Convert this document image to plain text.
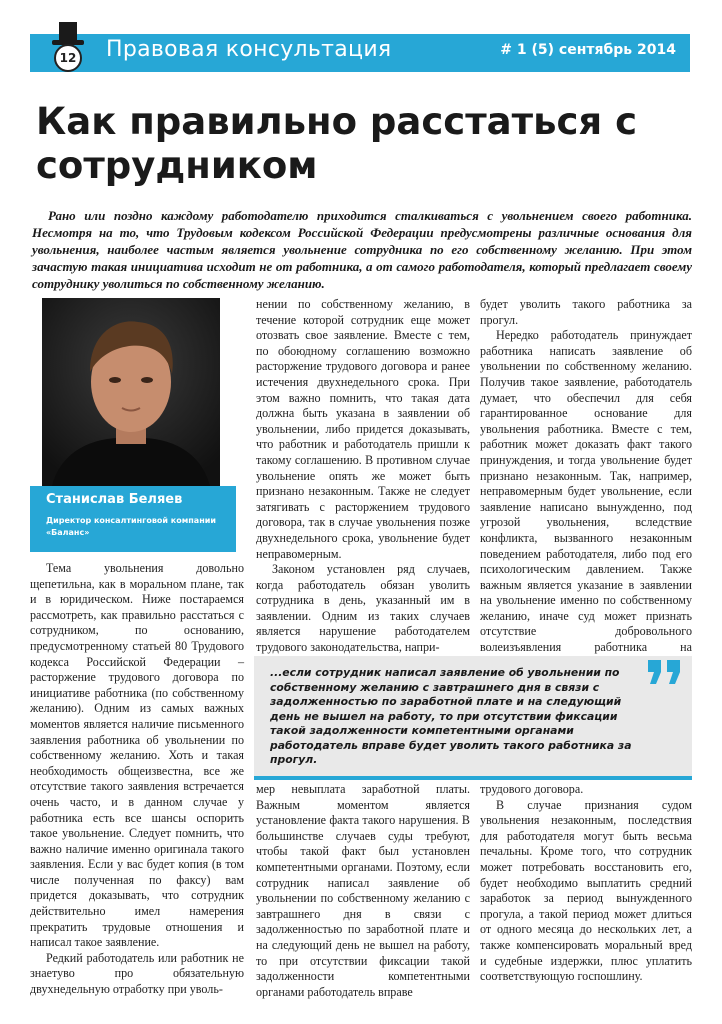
Правовая консультация	# 1 (5) сентябрь 2014
12
Как правильно расстаться с сотрудником

Рано или поздно каждому работодателю приходится сталкиваться с увольнением своего работника. Несмотря на то, что Трудовым кодексом Российской Федерации предусмотрены различные основания для увольнения, наиболее частым является увольнение сотрудника по его собственному желанию. При этом зачастую такая инициатива исходит не от работника, а от самого работодателя, который предлагает своему сотруднику уволиться по собственному желанию.

Станислав Беляев
Директор консалтинговой компании «Баланс»

Тема увольнения довольно щепетильна, как в моральном плане, так и в юридическом. Ниже постараемся рассмотреть, как правильно расстаться с сотрудником, по основанию, предусмотренному статьей 80 Трудового кодекса Российской Федерации – расторжение трудового договора по инициативе работника (по собственному желанию). Одним из самых важных моментов является наличие письменного заявления работника об увольнении по собственному желанию. Хоть и такая необходимость общеизвестна, все же отсутствие такого заявления встречается очень часто, и в данном случае у работника есть все шансы оспорить такое увольнение. Следует помнить, что важно наличие именно оригинала такого заявления. Если у вас будет копия (в том числе полученная по факсу) вам придется доказывать, что сотрудник действительно имел намерения прекратить трудовые отношения и написал такое заявление.

Редкий работодатель или работник не знаетуво про обязательную двухнедельную отработку при уволь-

нении по собственному желанию, в течение которой сотрудник еще может отозвать свое заявление. Вместе с тем, по обоюдному соглашению возможно расторжение трудового договора и ранее истечения двухнедельного срока. При этом важно помнить, что такая дата должна быть указана в заявлении об увольнении, либо придется доказывать, что работник и работодатель пришли к такому соглашению. В противном случае увольнение опять же может быть признано незаконным. Также не следует затягивать с расторжением трудового договора, так в случае увольнения позже двухнедельного срока, увольнение будет неправомерным.

Законом установлен ряд случаев, когда работодатель обязан уволить сотрудника в день, указанный им в заявлении. Одним из таких случаев является нарушение работодателем трудового законодательства, напри-

будет уволить такого работника за прогул.

Нередко работодатель принуждает работника написать заявление об увольнении по собственному желанию. Получив такое заявление, работодатель думает, что обеспечил для себя гарантированное основание для увольнения работника. Вместе с тем, работник может доказать факт такого принуждения, и тогда увольнение будет признано незаконным. Так, например, неправомерным будет увольнение, если заявление написано вынужденно, под угрозой увольнения, вследствие конфликта, вызванного незаконным поведением работодателя, либо под его психологическим давлением. Также важным является указание в заявлении на увольнение именно по собственному желанию, иначе суд может признать отсутствие добровольного волеизъявления работника на

...если сотрудник написал заявление об увольнении по собственному желанию с завтрашнего дня в связи с задолженностью по заработной плате и на следующий день не вышел на работу, то при отсутствии фиксации такой задолженности компетентными органами работодатель вправе будет уволить такого работника за прогул.

мер невыплата заработной платы. Важным моментом является установление факта такого нарушения. В большинстве случаев суды требуют, чтобы такой факт был установлен компетентными органами. Поэтому, если сотрудник написал заявление об увольнении по собственному желанию с завтрашнего дня в связи с задолженностью по заработной плате и на следующий день не вышел на работу, то при отсутствии фиксации такой задолженности компетентными органами работодатель вправе

трудового договора.

В случае признания судом увольнения незаконным, последствия для работодателя могут быть весьма печальны. Кроме того, что сотрудник может потребовать восстановить его, будет необходимо выплатить средний заработок за период вынужденного прогула, а такой период может длиться от одного месяца до нескольких лет, а также компенсировать моральный вред и судебные издержки, плюс уплатить соответствующую госпошлину.
